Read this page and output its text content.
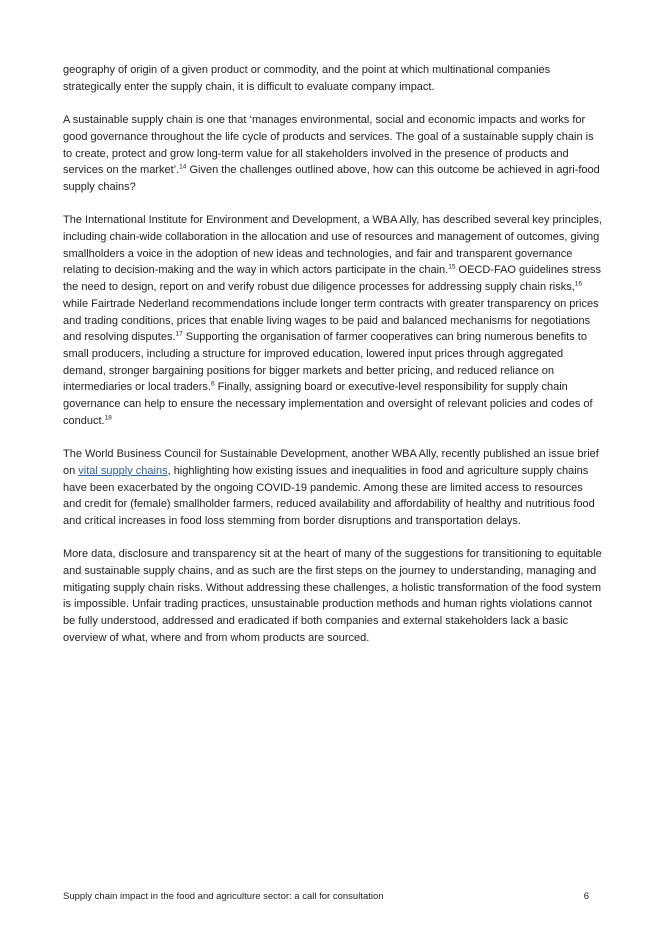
geography of origin of a given product or commodity, and the point at which multinational companies strategically enter the supply chain, it is difficult to evaluate company impact.

A sustainable supply chain is one that ‘manages environmental, social and economic impacts and works for good governance throughout the life cycle of products and services. The goal of a sustainable supply chain is to create, protect and grow long-term value for all stakeholders involved in the presence of products and services on the market’.$^{14}$ Given the challenges outlined above, how can this outcome be achieved in agri-food supply chains?

The International Institute for Environment and Development, a WBA Ally, has described several key principles, including chain-wide collaboration in the allocation and use of resources and management of outcomes, giving smallholders a voice in the adoption of new ideas and technologies, and fair and transparent governance relating to decision-making and the way in which actors participate in the chain.$^{15}$ OECD-FAO guidelines stress the need to design, report on and verify robust due diligence processes for addressing supply chain risks,$^{16}$ while Fairtrade Nederland recommendations include longer term contracts with greater transparency on prices and trading conditions, prices that enable living wages to be paid and balanced mechanisms for negotiations and resolving disputes.$^{17}$ Supporting the organisation of farmer cooperatives can bring numerous benefits to small producers, including a structure for improved education, lowered input prices through aggregated demand, stronger bargaining positions for bigger markets and better pricing, and reduced reliance on intermediaries or local traders.$^6$ Finally, assigning board or executive-level responsibility for supply chain governance can help to ensure the necessary implementation and oversight of relevant policies and codes of conduct.$^{18}$

The World Business Council for Sustainable Development, another WBA Ally, recently published an issue brief on vital supply chains, highlighting how existing issues and inequalities in food and agriculture supply chains have been exacerbated by the ongoing COVID-19 pandemic. Among these are limited access to resources and credit for (female) smallholder farmers, reduced availability and affordability of healthy and nutritious food and critical increases in food loss stemming from border disruptions and transportation delays.

More data, disclosure and transparency sit at the heart of many of the suggestions for transitioning to equitable and sustainable supply chains, and as such are the first steps on the journey to understanding, managing and mitigating supply chain risks. Without addressing these challenges, a holistic transformation of the food system is impossible. Unfair trading practices, unsustainable production methods and human rights violations cannot be fully understood, addressed and eradicated if both companies and external stakeholders lack a basic overview of what, where and from whom products are sourced.

Supply chain impact in the food and agriculture sector: a call for consultation	6
